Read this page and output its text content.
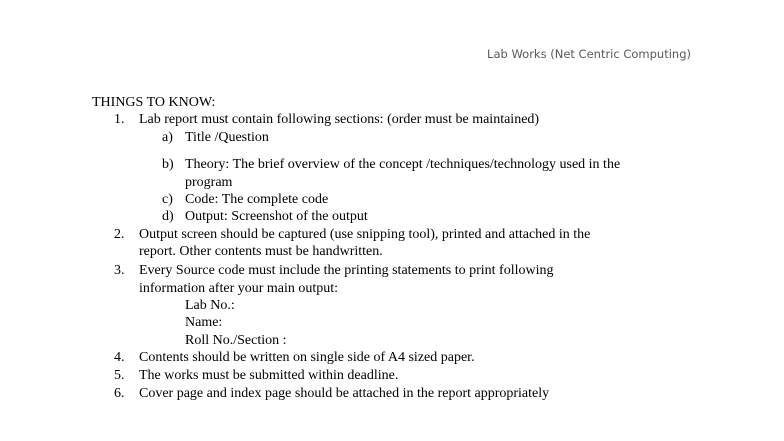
Lab Works (Net Centric Computing)
THINGS TO KNOW:
1. Lab report must contain following sections: (order must be maintained)
a) Title /Question
b) Theory: The brief overview of the concept /techniques/technology used in the
program
c) Code: The complete code
d) Output: Screenshot of the output
2. Output screen should be captured (use snipping tool), printed and attached in the
report. Other contents must be handwritten.
3. Every Source code must include the printing statements to print following
information after your main output:
Lab No.:
Name:
Roll No./Section :
4. Contents should be written on single side of A4 sized paper.
5. The works must be submitted within deadline.
6. Cover page and index page should be attached in the report appropriately
